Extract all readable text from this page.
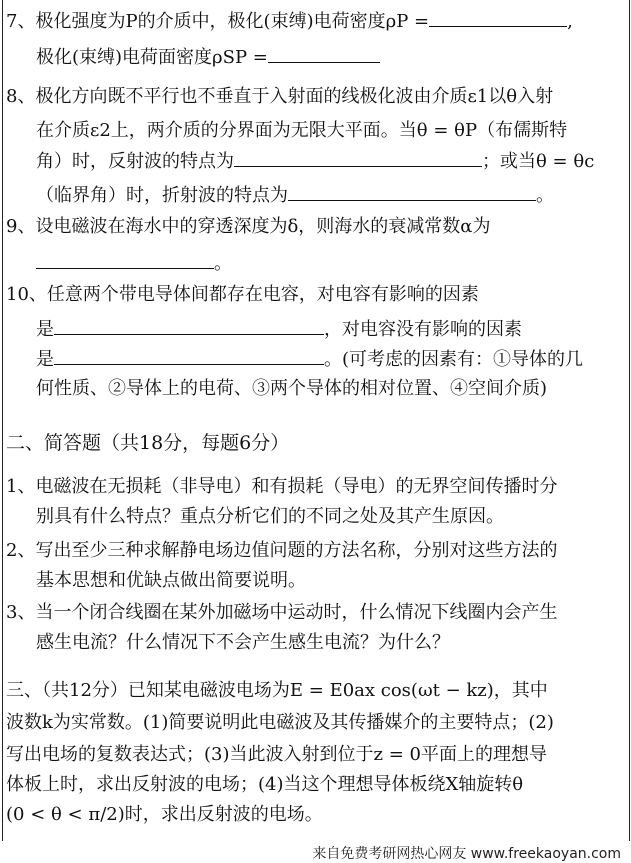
7、极化强度为P的介质中，极化(束缚)电荷密度ρP =	,
极化(束缚)电荷面密度ρSP =
8、极化方向既不平行也不垂直于入射面的线极化波由介质ε1以θ入射
在介质ε2上，两介质的分界面为无限大平面。当θ = θP（布儒斯特
角）时，反射波的特点为	；或当θ = θc
（临界角）时，折射波的特点为	。
9、设电磁波在海水中的穿透深度为δ，则海水的衰减常数α为
。
10、任意两个带电导体间都存在电容，对电容有影响的因素
是	，对电容没有影响的因素
是	。(可考虑的因素有：①导体的几
何性质、②导体上的电荷、③两个导体的相对位置、④空间介质)
二、简答题（共18分，每题6分）
1、电磁波在无损耗（非导电）和有损耗（导电）的无界空间传播时分
别具有什么特点？重点分析它们的不同之处及其产生原因。
2、写出至少三种求解静电场边值问题的方法名称，分别对这些方法的
基本思想和优缺点做出简要说明。
3、当一个闭合线圈在某外加磁场中运动时，什么情况下线圈内会产生
感生电流？什么情况下不会产生感生电流？为什么？
三、（共12分）已知某电磁波电场为E = E0ax cos(ωt − kz)，其中
波数k为实常数。(1)简要说明此电磁波及其传播媒介的主要特点；(2)
写出电场的复数表达式；(3)当此波入射到位于z = 0平面上的理想导
体板上时，求出反射波的电场；(4)当这个理想导体板绕X轴旋转θ
(0 < θ < π/2)时，求出反射波的电场。
来自免费考研网热心网友 www.freekaoyan.com
